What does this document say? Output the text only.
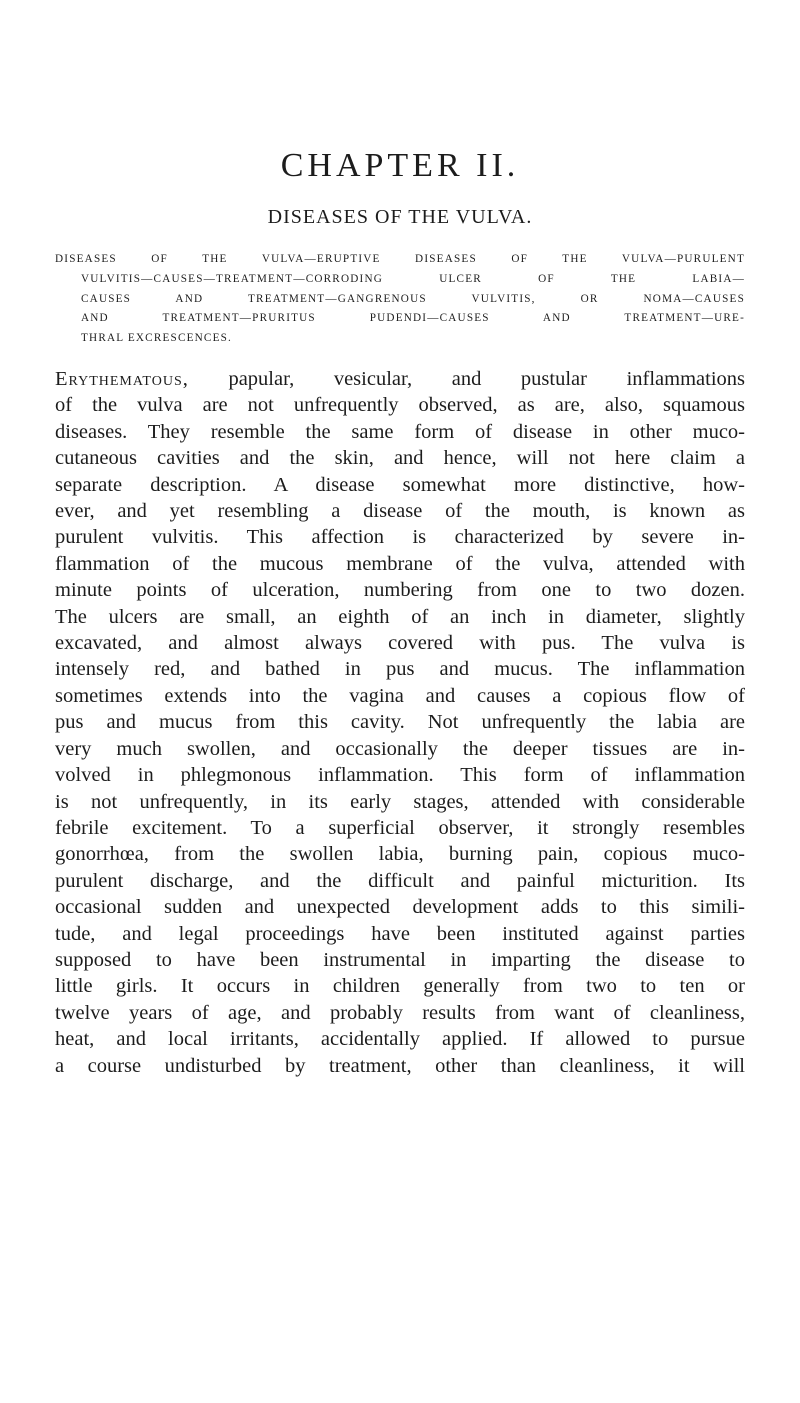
CHAPTER II.
DISEASES OF THE VULVA.
DISEASES OF THE VULVA—ERUPTIVE DISEASES OF THE VULVA—PURULENT
VULVITIS—CAUSES—TREATMENT—CORRODING ULCER OF THE LABIA—
CAUSES AND TREATMENT—GANGRENOUS VULVITIS, OR NOMA—CAUSES
AND TREATMENT—PRURITUS PUDENDI—CAUSES AND TREATMENT—URE-
THRAL EXCRESCENCES.
Erythematous, papular, vesicular, and pustular inflammations
of the vulva are not unfrequently observed, as are, also, squamous
diseases. They resemble the same form of disease in other muco-
cutaneous cavities and the skin, and hence, will not here claim a
separate description. A disease somewhat more distinctive, how-
ever, and yet resembling a disease of the mouth, is known as
purulent vulvitis. This affection is characterized by severe in-
flammation of the mucous membrane of the vulva, attended with
minute points of ulceration, numbering from one to two dozen.
The ulcers are small, an eighth of an inch in diameter, slightly
excavated, and almost always covered with pus. The vulva is
intensely red, and bathed in pus and mucus. The inflammation
sometimes extends into the vagina and causes a copious flow of
pus and mucus from this cavity. Not unfrequently the labia are
very much swollen, and occasionally the deeper tissues are in-
volved in phlegmonous inflammation. This form of inflammation
is not unfrequently, in its early stages, attended with considerable
febrile excitement. To a superficial observer, it strongly resembles
gonorrhœa, from the swollen labia, burning pain, copious muco-
purulent discharge, and the difficult and painful micturition. Its
occasional sudden and unexpected development adds to this simili-
tude, and legal proceedings have been instituted against parties
supposed to have been instrumental in imparting the disease to
little girls. It occurs in children generally from two to ten or
twelve years of age, and probably results from want of cleanliness,
heat, and local irritants, accidentally applied. If allowed to pursue
a course undisturbed by treatment, other than cleanliness, it will
